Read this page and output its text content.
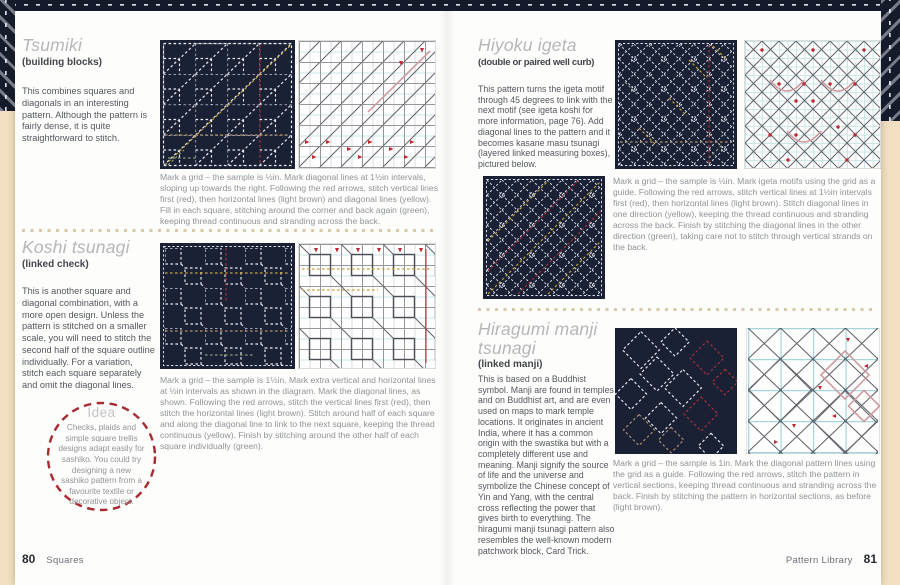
Tsumiki
(building blocks)
This combines squares and diagonals in an interesting pattern. Although the pattern is fairly dense, it is quite straightforward to stitch.
Mark a grid – the sample is ½in. Mark diagonal lines at 1½in intervals, sloping up towards the right. Following the red arrows, stitch vertical lines first (red), then horizontal lines (light brown) and diagonal lines (yellow). Fill in each square, stitching around the corner and back again (green), keeping thread continuous and stranding across the back.
Koshi tsunagi
(linked check)
This is another square and diagonal combination, with a more open design. Unless the pattern is stitched on a smaller scale, you will need to stitch the second half of the square outline individually. For a variation, stitch each square separately and omit the diagonal lines.
Mark a grid – the sample is 1½in. Mark extra vertical and horizontal lines at ½in intervals as shown in the diagram. Mark the diagonal lines, as shown. Following the red arrows, stitch the vertical lines first (red), then stitch the horizontal lines (light brown). Stitch around half of each square and along the diagonal line to link to the next square, keeping the thread continuous (yellow). Finish by stitching around the other half of each square individually (green).
Idea
Checks, plaids and simple square trellis designs adapt easily for sashiko. You could try designing a new sashiko pattern from a favourite textile or decorative object.
80 Squares
Hiyoku igeta
(double or paired well curb)
This pattern turns the igeta motif through 45 degrees to link with the next motif (see igeta koshi for more information, page 76). Add diagonal lines to the pattern and it becomes kasane masu tsunagi (layered linked measuring boxes), pictured below.
Mark a grid – the sample is ½in. Mark igeta motifs using the grid as a guide. Following the red arrows, stitch vertical lines at 1½in intervals first (red), then horizontal lines (light brown). Stitch diagonal lines in one direction (yellow), keeping the thread continuous and stranding across the back. Finish by stitching the diagonal lines in the other direction (green), taking care not to stitch through vertical strands on the back.
Hiragumi manji tsunagi
(linked manji)
This is based on a Buddhist symbol. Manji are found in temples and on Buddhist art, and are even used on maps to mark temple locations. It originates in ancient India, where it has a common origin with the swastika but with a completely different use and meaning. Manji signify the source of life and the universe and symbolize the Chinese concept of Yin and Yang, with the central cross reflecting the power that gives birth to everything. The hiragumi manji tsunagi pattern also resembles the well-known modern patchwork block, Card Trick.
Mark a grid – the sample is 1in. Mark the diagonal pattern lines using the grid as a guide. Following the red arrows, stitch the pattern in vertical sections, keeping thread continuous and stranding across the back. Finish by stitching the pattern in horizontal sections, as before (light brown).
Pattern Library 81
